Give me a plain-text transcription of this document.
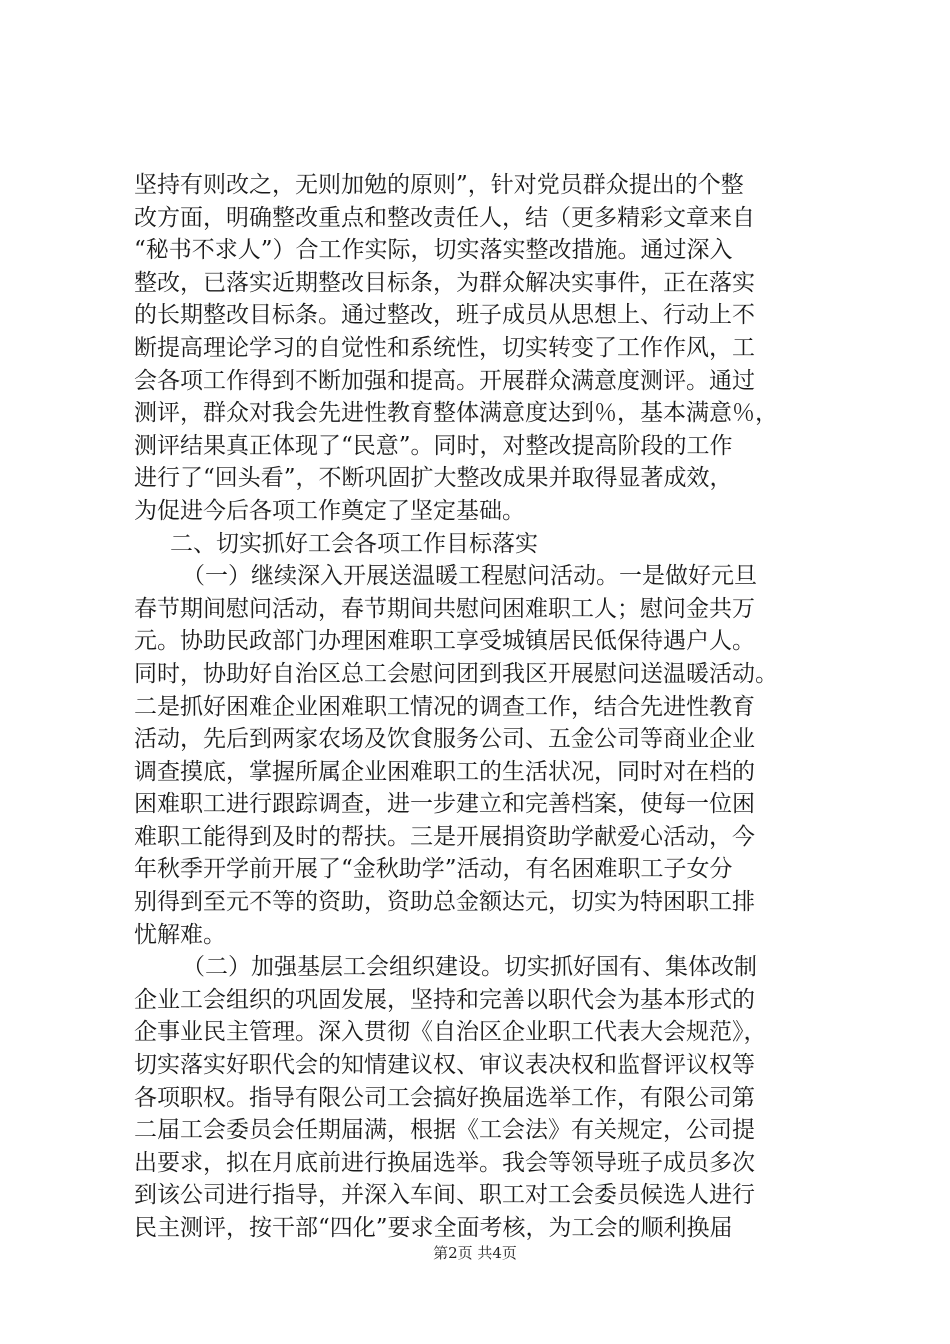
坚持有则改之，无则加勉的原则”，针对党员群众提出的个整
改方面，明确整改重点和整改责任人，结（更多精彩文章来自
“秘书不求人”）合工作实际，切实落实整改措施。通过深入
整改，已落实近期整改目标条，为群众解决实事件，正在落实
的长期整改目标条。通过整改，班子成员从思想上、行动上不
断提高理论学习的自觉性和系统性，切实转变了工作作风，工
会各项工作得到不断加强和提高。开展群众满意度测评。通过
测评，群众对我会先进性教育整体满意度达到％，基本满意％，
测评结果真正体现了“民意”。同时，对整改提高阶段的工作
进行了“回头看”，不断巩固扩大整改成果并取得显著成效，
为促进今后各项工作奠定了坚定基础。
二、切实抓好工会各项工作目标落实
（一）继续深入开展送温暖工程慰问活动。一是做好元旦
春节期间慰问活动，春节期间共慰问困难职工人；慰问金共万
元。协助民政部门办理困难职工享受城镇居民低保待遇户人。
同时，协助好自治区总工会慰问团到我区开展慰问送温暖活动。
二是抓好困难企业困难职工情况的调查工作，结合先进性教育
活动，先后到两家农场及饮食服务公司、五金公司等商业企业
调查摸底，掌握所属企业困难职工的生活状况，同时对在档的
困难职工进行跟踪调查，进一步建立和完善档案，使每一位困
难职工能得到及时的帮扶。三是开展捐资助学献爱心活动，今
年秋季开学前开展了“金秋助学”活动，有名困难职工子女分
别得到至元不等的资助，资助总金额达元，切实为特困职工排
忧解难。
（二）加强基层工会组织建设。切实抓好国有、集体改制
企业工会组织的巩固发展，坚持和完善以职代会为基本形式的
企事业民主管理。深入贯彻《自治区企业职工代表大会规范》，
切实落实好职代会的知情建议权、审议表决权和监督评议权等
各项职权。指导有限公司工会搞好换届选举工作，有限公司第
二届工会委员会任期届满，根据《工会法》有关规定，公司提
出要求，拟在月底前进行换届选举。我会等领导班子成员多次
到该公司进行指导，并深入车间、职工对工会委员候选人进行
民主测评，按干部“四化”要求全面考核，为工会的顺利换届
第2页 共4页
